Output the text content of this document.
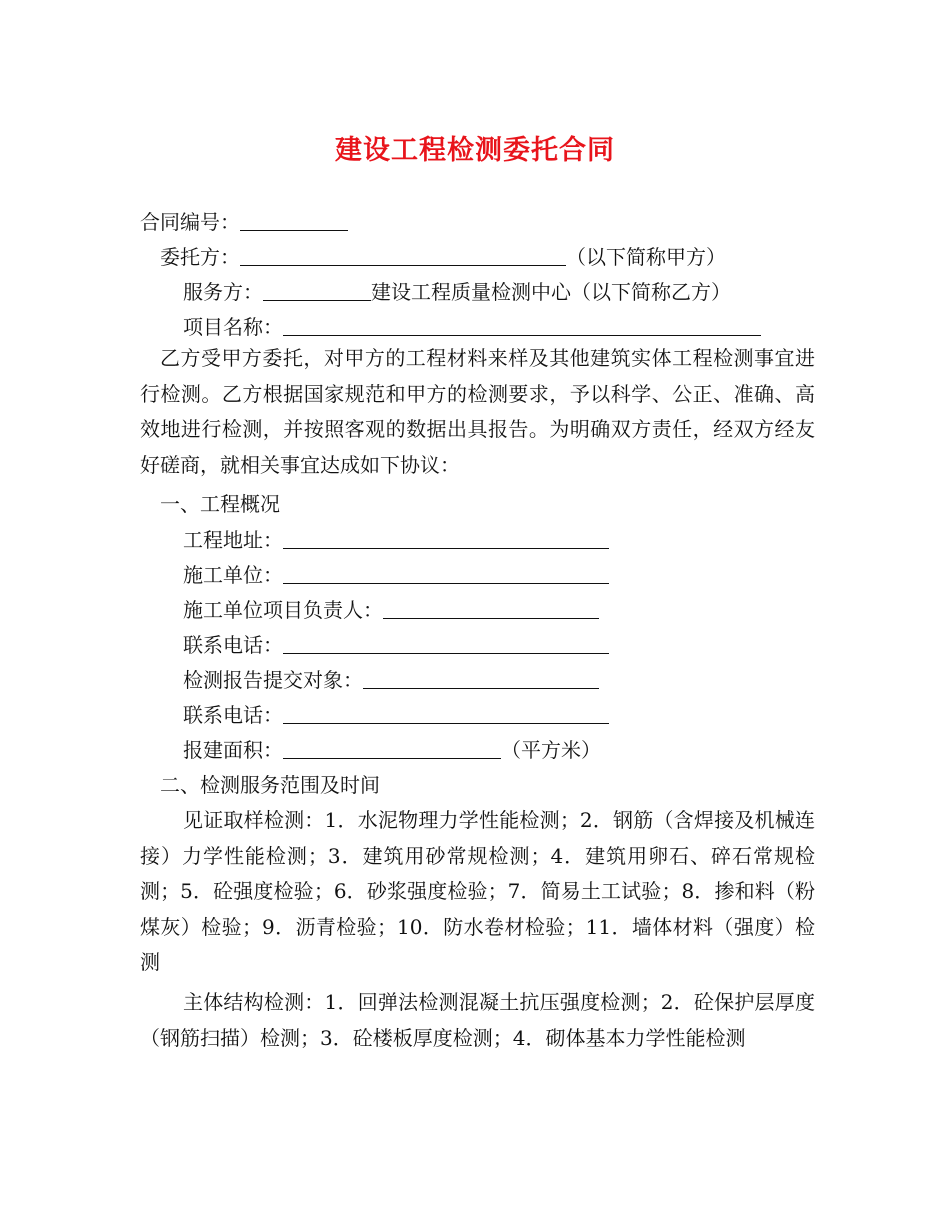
建设工程检测委托合同
合同编号：
委托方：	（以下简称甲方）
服务方：	建设工程质量检测中心（以下简称乙方）
项目名称：
乙方受甲方委托，对甲方的工程材料来样及其他建筑实体工程检测事宜进行检测。乙方根据国家规范和甲方的检测要求，予以科学、公正、准确、高效地进行检测，并按照客观的数据出具报告。为明确双方责任，经双方经友好磋商，就相关事宜达成如下协议：
一、工程概况
工程地址：
施工单位：
施工单位项目负责人：
联系电话：
检测报告提交对象：
联系电话：
报建面积：	（平方米）
二、检测服务范围及时间
见证取样检测：1．水泥物理力学性能检测；2．钢筋（含焊接及机械连接）力学性能检测；3．建筑用砂常规检测；4．建筑用卵石、碎石常规检测；5．砼强度检验；6．砂浆强度检验；7．简易土工试验；8．掺和料（粉煤灰）检验；9．沥青检验；10．防水卷材检验；11．墙体材料（强度）检测
主体结构检测：1．回弹法检测混凝土抗压强度检测；2．砼保护层厚度（钢筋扫描）检测；3．砼楼板厚度检测；4．砌体基本力学性能检测
